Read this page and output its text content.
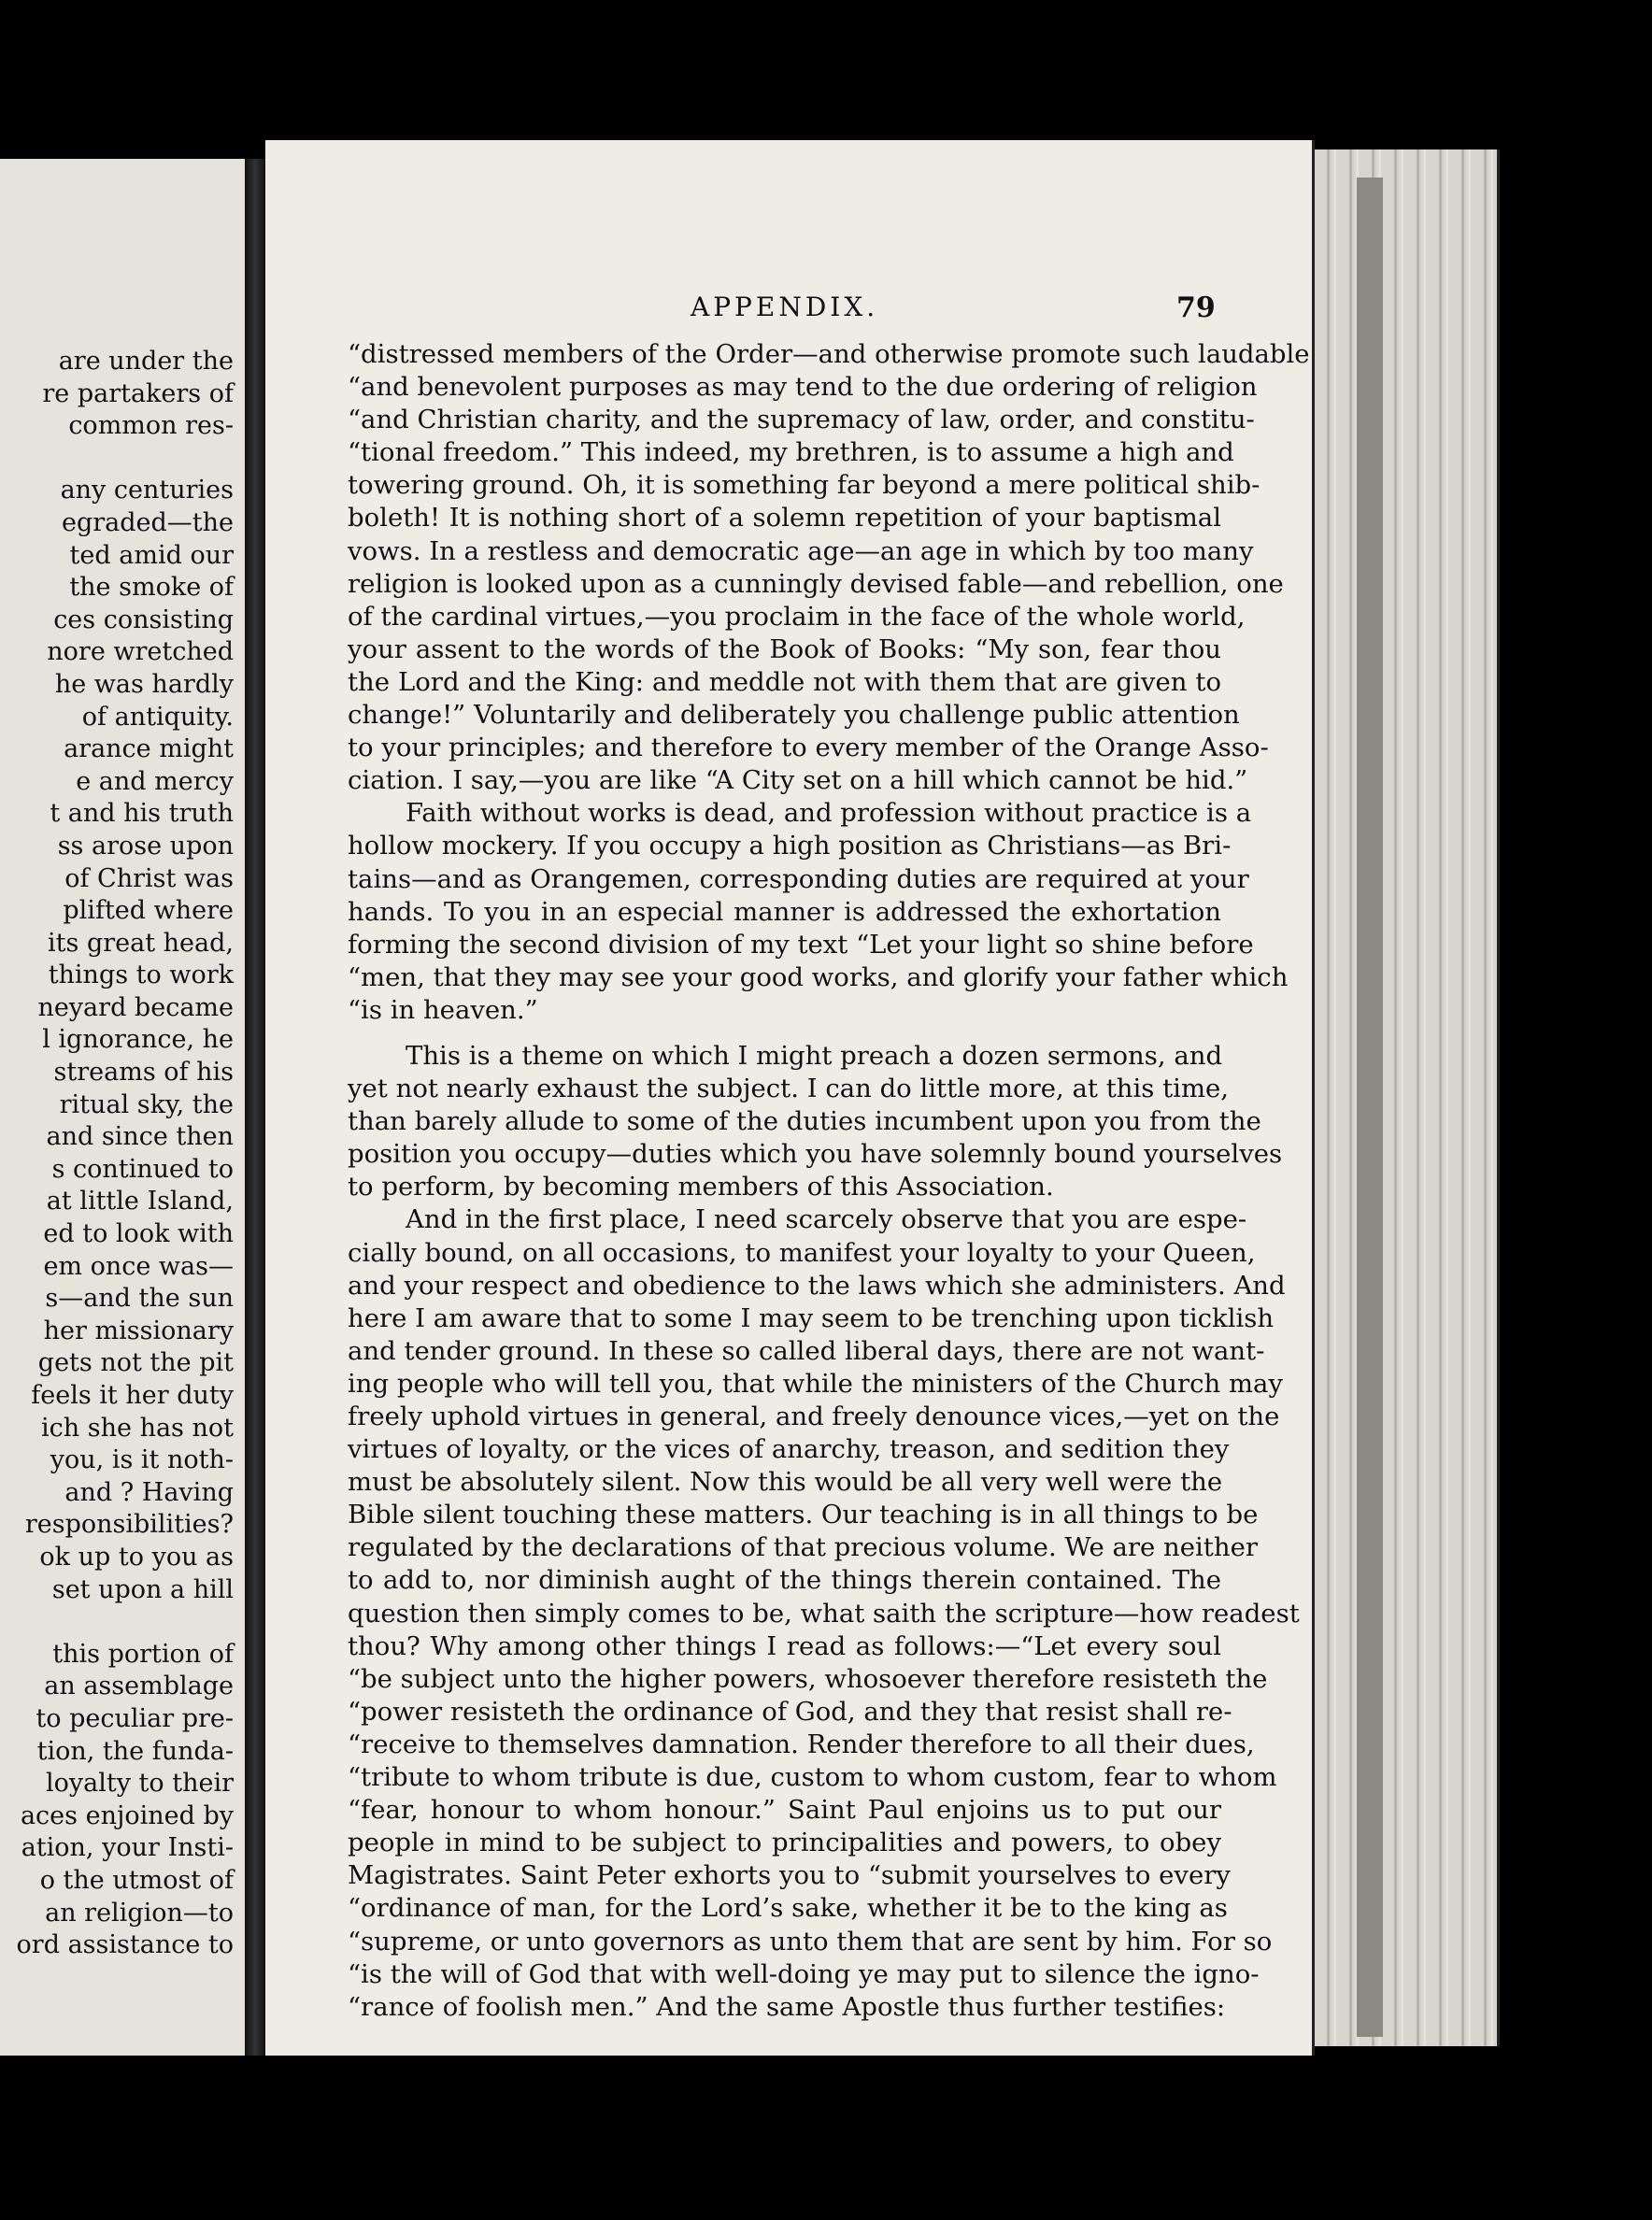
are under the
re partakers of
common res-
any centuries
egraded—the
ted amid our
the smoke of
ces consisting
nore wretched
he was hardly
of antiquity.
arance might
e and mercy
t and his truth
ss arose upon
of Christ was
plifted where
its great head,
things to work
neyard became
l ignorance, he
streams of his
ritual sky, the
and since then
s continued to
at little Island,
ed to look with
em once was—
s—and the sun
her missionary
gets not the pit
feels it her duty
ich she has not
you, is it noth-
and ? Having
responsibilities?
ok up to you as
set upon a hill
this portion of
an assemblage
to peculiar pre-
tion, the funda-
loyalty to their
aces enjoined by
ation, your Insti-
o the utmost of
an religion—to
ord assistance to
APPENDIX.	79
“distressed members of the Order—and otherwise promote such laudable
“and benevolent purposes as may tend to the due ordering of religion
“and Christian charity, and the supremacy of law, order, and constitu-
“tional freedom.” This indeed, my brethren, is to assume a high and
towering ground. Oh, it is something far beyond a mere political shib-
boleth! It is nothing short of a solemn repetition of your baptismal
vows. In a restless and democratic age—an age in which by too many
religion is looked upon as a cunningly devised fable—and rebellion, one
of the cardinal virtues,—you proclaim in the face of the whole world,
your assent to the words of the Book of Books: “My son, fear thou
the Lord and the King: and meddle not with them that are given to
change!” Voluntarily and deliberately you challenge public attention
to your principles; and therefore to every member of the Orange Asso-
ciation. I say,—you are like “A City set on a hill which cannot be hid.”
Faith without works is dead, and profession without practice is a
hollow mockery. If you occupy a high position as Christians—as Bri-
tains—and as Orangemen, corresponding duties are required at your
hands. To you in an especial manner is addressed the exhortation
forming the second division of my text “Let your light so shine before
“men, that they may see your good works, and glorify your father which
“is in heaven.”
This is a theme on which I might preach a dozen sermons, and
yet not nearly exhaust the subject. I can do little more, at this time,
than barely allude to some of the duties incumbent upon you from the
position you occupy—duties which you have solemnly bound yourselves
to perform, by becoming members of this Association.
And in the first place, I need scarcely observe that you are espe-
cially bound, on all occasions, to manifest your loyalty to your Queen,
and your respect and obedience to the laws which she administers. And
here I am aware that to some I may seem to be trenching upon ticklish
and tender ground. In these so called liberal days, there are not want-
ing people who will tell you, that while the ministers of the Church may
freely uphold virtues in general, and freely denounce vices,—yet on the
virtues of loyalty, or the vices of anarchy, treason, and sedition they
must be absolutely silent. Now this would be all very well were the
Bible silent touching these matters. Our teaching is in all things to be
regulated by the declarations of that precious volume. We are neither
to add to, nor diminish aught of the things therein contained. The
question then simply comes to be, what saith the scripture—how readest
thou? Why among other things I read as follows:—“Let every soul
“be subject unto the higher powers, whosoever therefore resisteth the
“power resisteth the ordinance of God, and they that resist shall re-
“receive to themselves damnation. Render therefore to all their dues,
“tribute to whom tribute is due, custom to whom custom, fear to whom
“fear, honour to whom honour.” Saint Paul enjoins us to put our
people in mind to be subject to principalities and powers, to obey
Magistrates. Saint Peter exhorts you to “submit yourselves to every
“ordinance of man, for the Lord’s sake, whether it be to the king as
“supreme, or unto governors as unto them that are sent by him. For so
“is the will of God that with well-doing ye may put to silence the igno-
“rance of foolish men.” And the same Apostle thus further testifies:
